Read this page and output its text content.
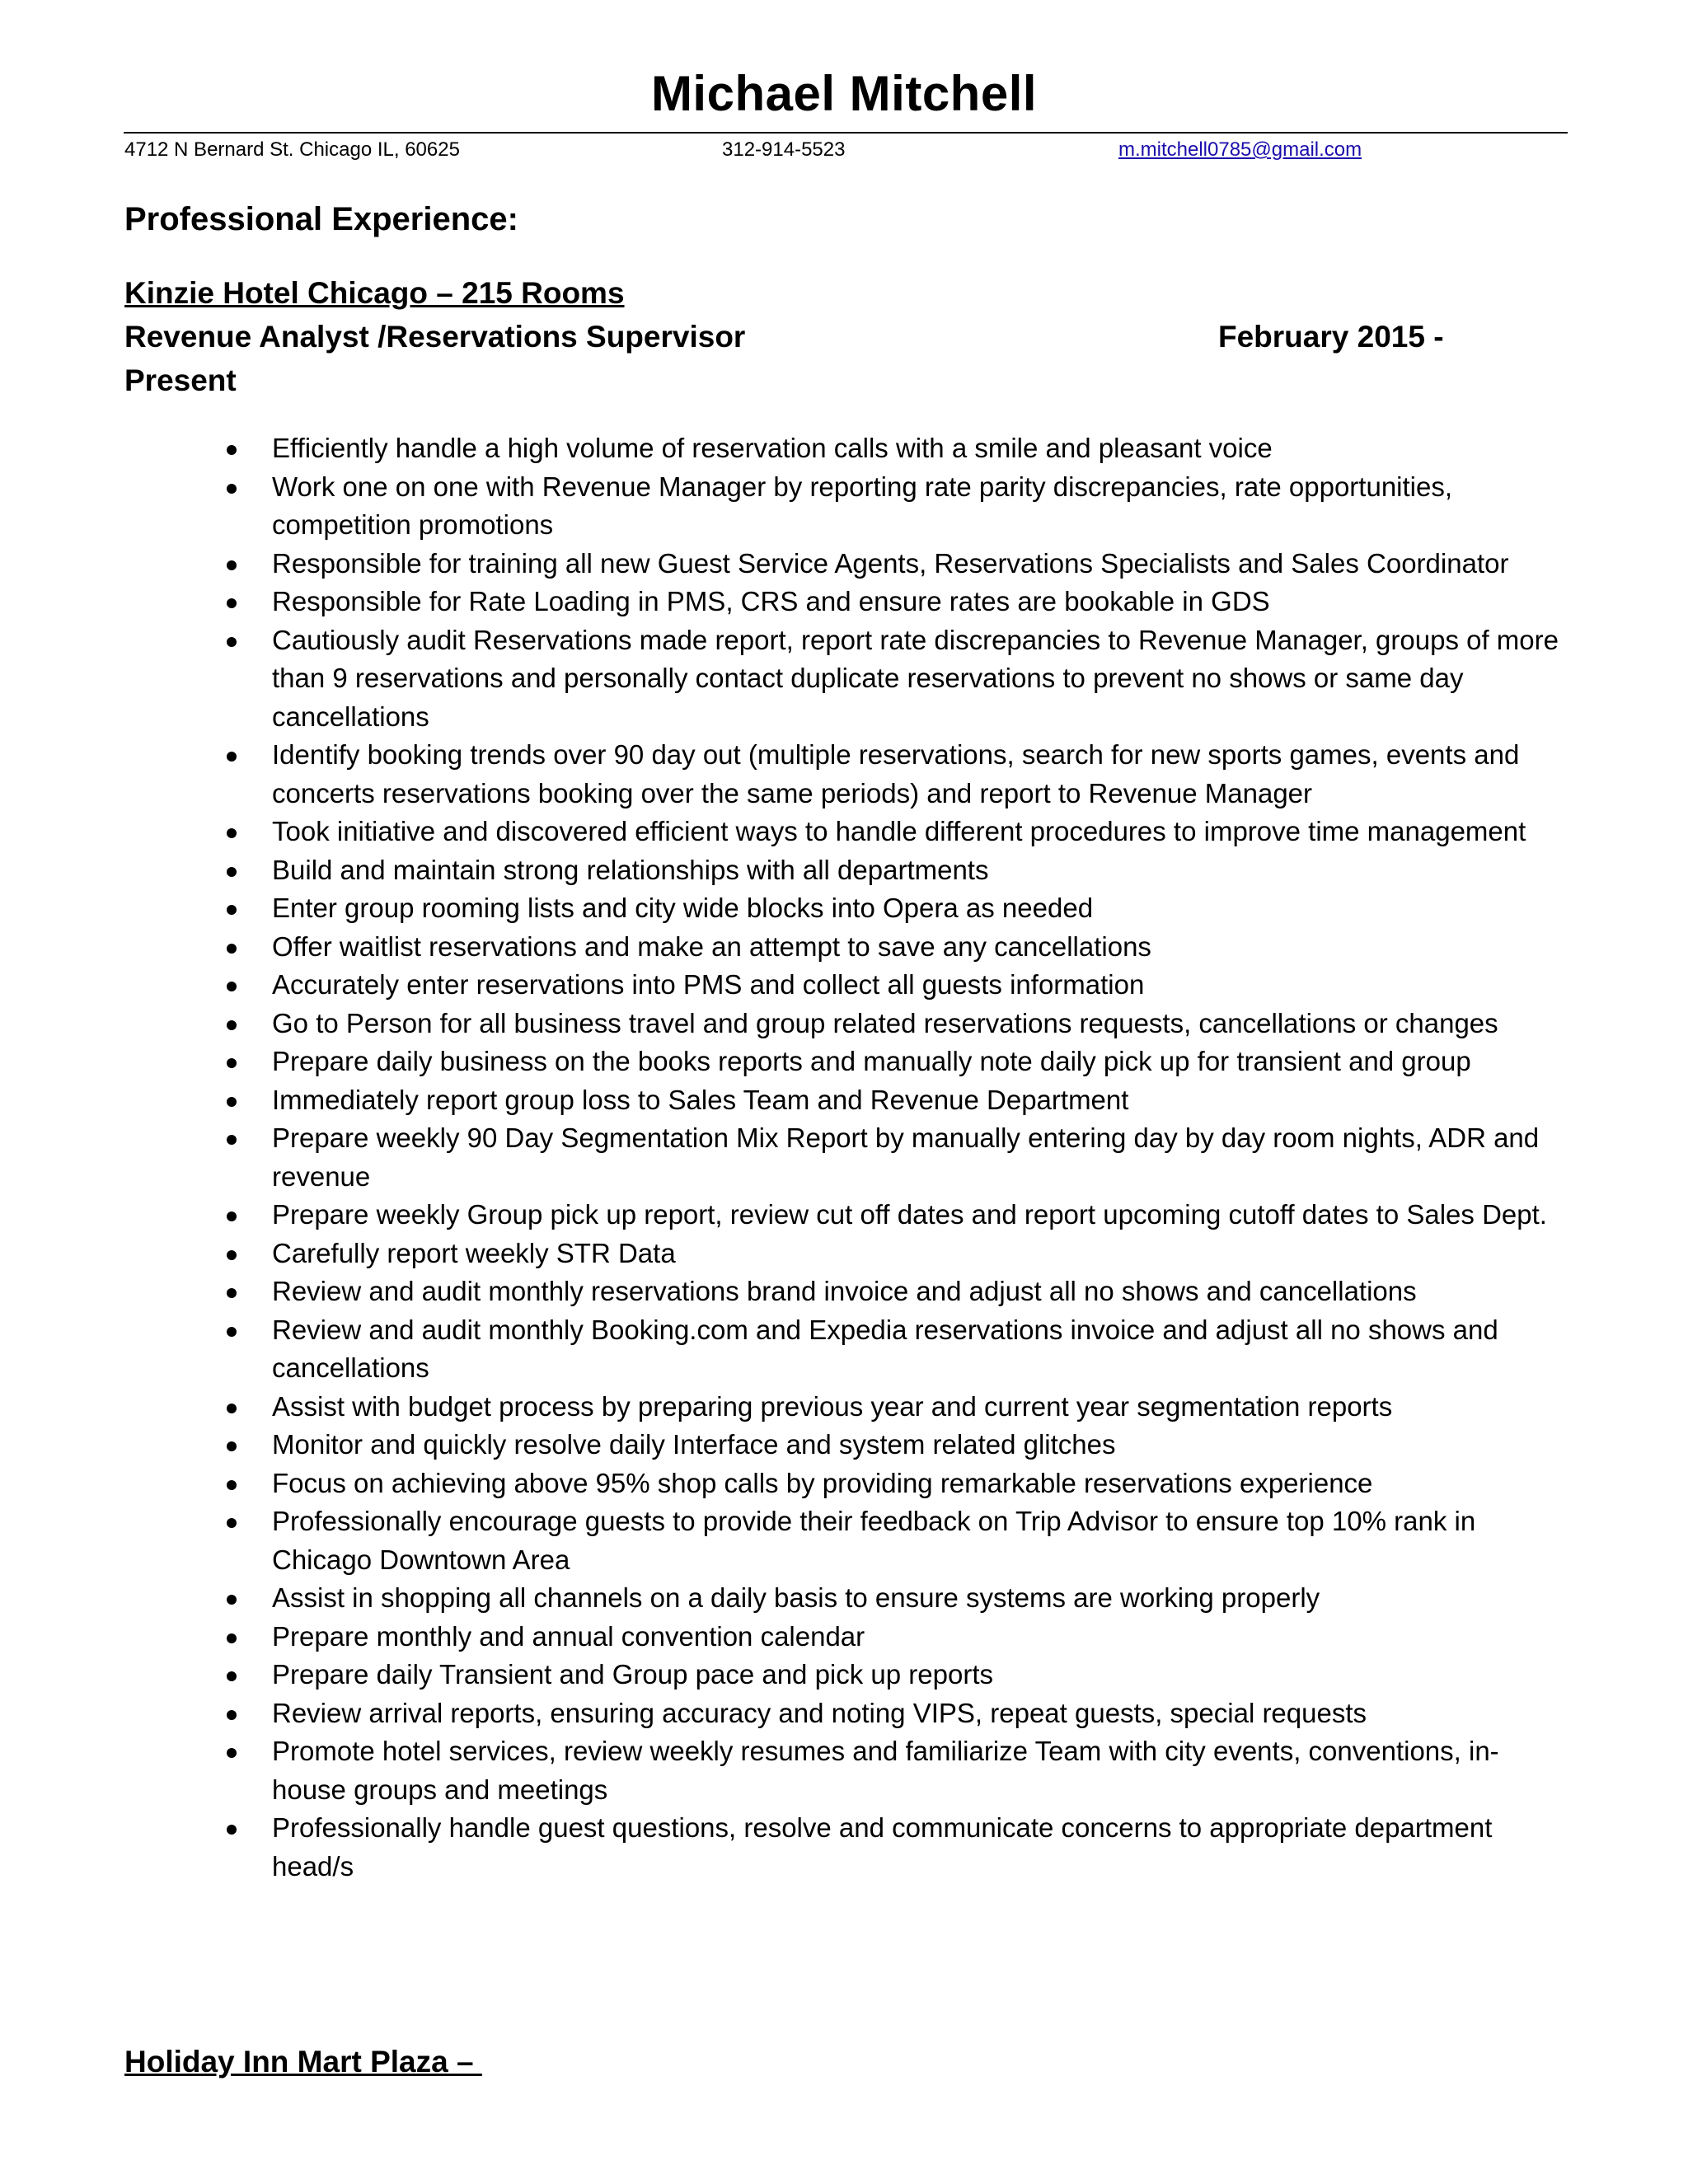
Michael Mitchell
4712 N Bernard St. Chicago IL, 60625	312-914-5523	m.mitchell0785@gmail.com
Professional Experience:
Kinzie Hotel Chicago – 215 Rooms
Revenue Analyst /Reservations Supervisor	February 2015 -
Present
Efficiently handle a high volume of reservation calls with a smile and pleasant voice
Work one on one with Revenue Manager by reporting rate parity discrepancies, rate opportunities, competition promotions
Responsible for training all new Guest Service Agents, Reservations Specialists and Sales Coordinator
Responsible for Rate Loading in PMS, CRS and ensure rates are bookable in GDS
Cautiously audit Reservations made report, report rate discrepancies to Revenue Manager, groups of more than 9 reservations and personally contact duplicate reservations to prevent no shows or same day cancellations
Identify booking trends over 90 day out (multiple reservations, search for new sports games, events and concerts reservations booking over the same periods) and report to Revenue Manager
Took initiative and discovered efficient ways to handle different procedures to improve time management
Build and maintain strong relationships with all departments
Enter group rooming lists and city wide blocks into Opera as needed
Offer waitlist reservations and make an attempt to save any cancellations
Accurately enter reservations into PMS and collect all guests information
Go to Person for all business travel and group related reservations requests, cancellations or changes
Prepare daily business on the books reports and manually note daily pick up for transient and group
Immediately report group loss to Sales Team and Revenue Department
Prepare weekly 90 Day Segmentation Mix Report by manually entering day by day room nights, ADR and revenue
Prepare weekly Group pick up report, review cut off dates and report upcoming cutoff dates to Sales Dept.
Carefully report weekly STR Data
Review and audit monthly reservations brand invoice and adjust all no shows and cancellations
Review and audit monthly Booking.com and Expedia reservations invoice and adjust all no shows and cancellations
Assist with budget process by preparing previous year and current year segmentation reports
Monitor and quickly resolve daily Interface and system related glitches
Focus on achieving above 95% shop calls by providing remarkable reservations experience
Professionally encourage guests to provide their feedback on Trip Advisor to ensure top 10% rank in Chicago Downtown Area
Assist in shopping all channels on a daily basis to ensure systems are working properly
Prepare monthly and annual convention calendar
Prepare daily Transient and Group pace and pick up reports
Review arrival reports, ensuring accuracy and noting VIPS, repeat guests, special requests
Promote hotel services, review weekly resumes and familiarize Team with city events, conventions, in-house groups and meetings
Professionally handle guest questions, resolve and communicate concerns to appropriate department head/s
Holiday Inn Mart Plaza –
